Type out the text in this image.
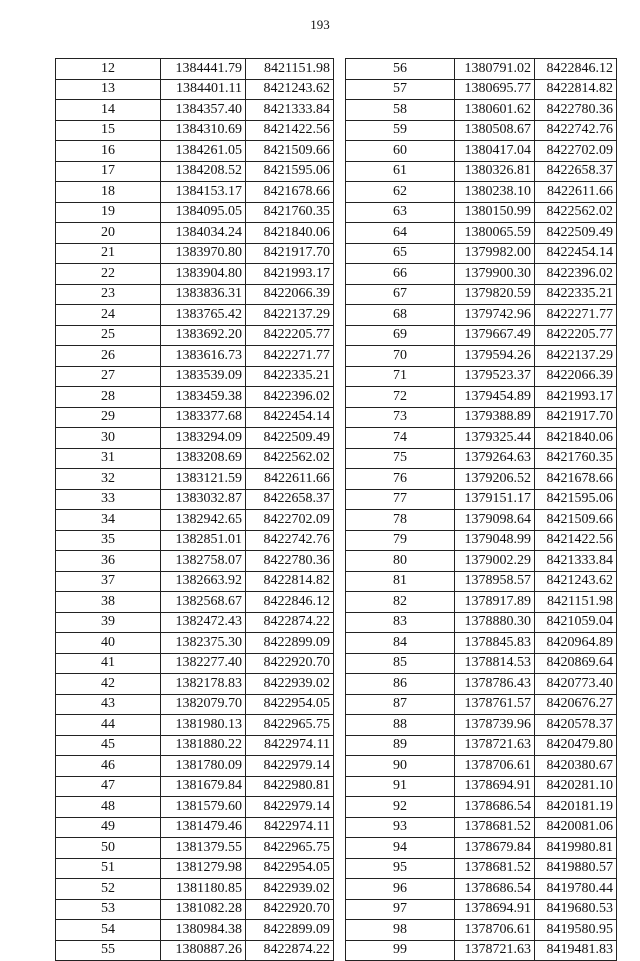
193
12	1384441.79	8421151.98
13	1384401.11	8421243.62
14	1384357.40	8421333.84
15	1384310.69	8421422.56
16	1384261.05	8421509.66
17	1384208.52	8421595.06
18	1384153.17	8421678.66
19	1384095.05	8421760.35
20	1384034.24	8421840.06
21	1383970.80	8421917.70
22	1383904.80	8421993.17
23	1383836.31	8422066.39
24	1383765.42	8422137.29
25	1383692.20	8422205.77
26	1383616.73	8422271.77
27	1383539.09	8422335.21
28	1383459.38	8422396.02
29	1383377.68	8422454.14
30	1383294.09	8422509.49
31	1383208.69	8422562.02
32	1383121.59	8422611.66
33	1383032.87	8422658.37
34	1382942.65	8422702.09
35	1382851.01	8422742.76
36	1382758.07	8422780.36
37	1382663.92	8422814.82
38	1382568.67	8422846.12
39	1382472.43	8422874.22
40	1382375.30	8422899.09
41	1382277.40	8422920.70
42	1382178.83	8422939.02
43	1382079.70	8422954.05
44	1381980.13	8422965.75
45	1381880.22	8422974.11
46	1381780.09	8422979.14
47	1381679.84	8422980.81
48	1381579.60	8422979.14
49	1381479.46	8422974.11
50	1381379.55	8422965.75
51	1381279.98	8422954.05
52	1381180.85	8422939.02
53	1381082.28	8422920.70
54	1380984.38	8422899.09
55	1380887.26	8422874.22
56	1380791.02	8422846.12
57	1380695.77	8422814.82
58	1380601.62	8422780.36
59	1380508.67	8422742.76
60	1380417.04	8422702.09
61	1380326.81	8422658.37
62	1380238.10	8422611.66
63	1380150.99	8422562.02
64	1380065.59	8422509.49
65	1379982.00	8422454.14
66	1379900.30	8422396.02
67	1379820.59	8422335.21
68	1379742.96	8422271.77
69	1379667.49	8422205.77
70	1379594.26	8422137.29
71	1379523.37	8422066.39
72	1379454.89	8421993.17
73	1379388.89	8421917.70
74	1379325.44	8421840.06
75	1379264.63	8421760.35
76	1379206.52	8421678.66
77	1379151.17	8421595.06
78	1379098.64	8421509.66
79	1379048.99	8421422.56
80	1379002.29	8421333.84
81	1378958.57	8421243.62
82	1378917.89	8421151.98
83	1378880.30	8421059.04
84	1378845.83	8420964.89
85	1378814.53	8420869.64
86	1378786.43	8420773.40
87	1378761.57	8420676.27
88	1378739.96	8420578.37
89	1378721.63	8420479.80
90	1378706.61	8420380.67
91	1378694.91	8420281.10
92	1378686.54	8420181.19
93	1378681.52	8420081.06
94	1378679.84	8419980.81
95	1378681.52	8419880.57
96	1378686.54	8419780.44
97	1378694.91	8419680.53
98	1378706.61	8419580.95
99	1378721.63	8419481.83
